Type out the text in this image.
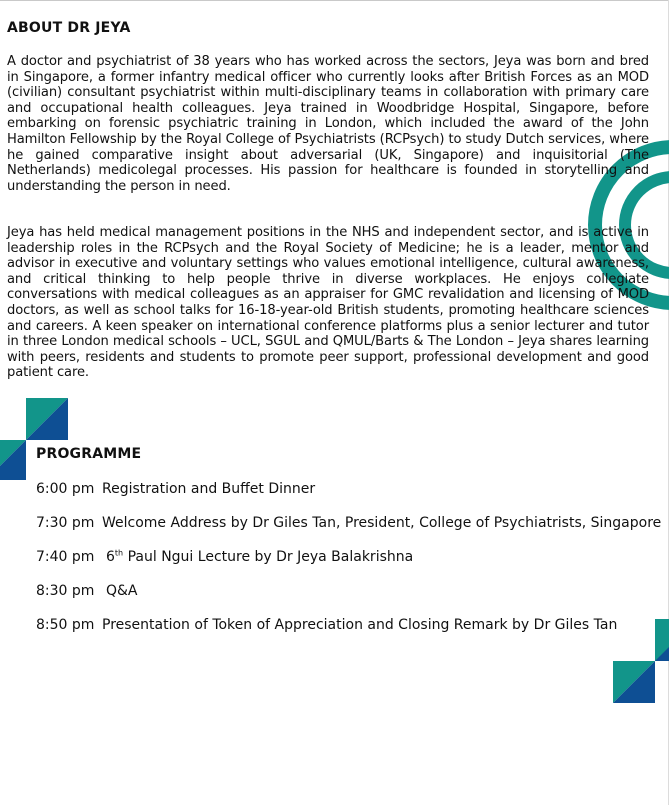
ABOUT DR JEYA

A doctor and psychiatrist of 38 years who has worked across the sectors, Jeya was born and bred in Singapore, a former infantry medical officer who currently looks after British Forces as an MOD (civilian) consultant psychiatrist within multi-disciplinary teams in collaboration with primary care and occupational health colleagues. Jeya trained in Woodbridge Hospital, Singapore, before embarking on forensic psychiatric training in London, which included the award of the John Hamilton Fellowship by the Royal College of Psychiatrists (RCPsych) to study Dutch services, where he gained comparative insight about adversarial (UK, Singapore) and inquisitorial (The Netherlands) medicolegal processes. His passion for healthcare is founded in storytelling and understanding the person in need.

Jeya has held medical management positions in the NHS and independent sector, and is active in leadership roles in the RCPsych and the Royal Society of Medicine; he is a leader, mentor and advisor in executive and voluntary settings who values emotional intelligence, cultural awareness, and critical thinking to help people thrive in diverse workplaces. He enjoys collegiate conversations with medical colleagues as an appraiser for GMC revalidation and licensing of MOD doctors, as well as school talks for 16-18-year-old British students, promoting healthcare sciences and careers. A keen speaker on international conference platforms plus a senior lecturer and tutor in three London medical schools – UCL, SGUL and QMUL/Barts & The London – Jeya shares learning with peers, residents and students to promote peer support, professional development and good patient care.

PROGRAMME
6:00 pm Registration and Buffet Dinner
7:30 pm Welcome Address by Dr Giles Tan, President, College of Psychiatrists, Singapore
7:40 pm 6th Paul Ngui Lecture by Dr Jeya Balakrishna
8:30 pm Q&A
8:50 pm Presentation of Token of Appreciation and Closing Remark by Dr Giles Tan
